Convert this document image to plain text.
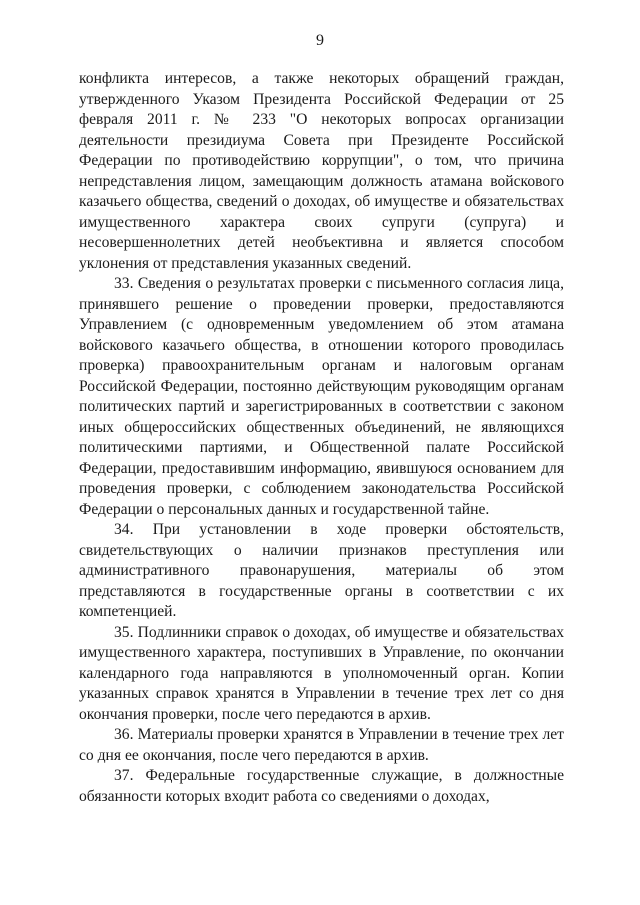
9

конфликта интересов, а также некоторых обращений граждан, утвержденного Указом Президента Российской Федерации от 25 февраля 2011 г. № 233 "О некоторых вопросах организации деятельности президиума Совета при Президенте Российской Федерации по противодействию коррупции", о том, что причина непредставления лицом, замещающим должность атамана войскового казачьего общества, сведений о доходах, об имуществе и обязательствах имущественного характера своих супруги (супруга) и несовершеннолетних детей необъективна и является способом уклонения от представления указанных сведений.

33. Сведения о результатах проверки с письменного согласия лица, принявшего решение о проведении проверки, предоставляются Управлением (с одновременным уведомлением об этом атамана войскового казачьего общества, в отношении которого проводилась проверка) правоохранительным органам и налоговым органам Российской Федерации, постоянно действующим руководящим органам политических партий и зарегистрированных в соответствии с законом иных общероссийских общественных объединений, не являющихся политическими партиями, и Общественной палате Российской Федерации, предоставившим информацию, явившуюся основанием для проведения проверки, с соблюдением законодательства Российской Федерации о персональных данных и государственной тайне.

34. При установлении в ходе проверки обстоятельств, свидетельствующих о наличии признаков преступления или административного правонарушения, материалы об этом представляются в государственные органы в соответствии с их компетенцией.

35. Подлинники справок о доходах, об имуществе и обязательствах имущественного характера, поступивших в Управление, по окончании календарного года направляются в уполномоченный орган. Копии указанных справок хранятся в Управлении в течение трех лет со дня окончания проверки, после чего передаются в архив.

36. Материалы проверки хранятся в Управлении в течение трех лет со дня ее окончания, после чего передаются в архив.

37. Федеральные государственные служащие, в должностные обязанности которых входит работа со сведениями о доходах,
